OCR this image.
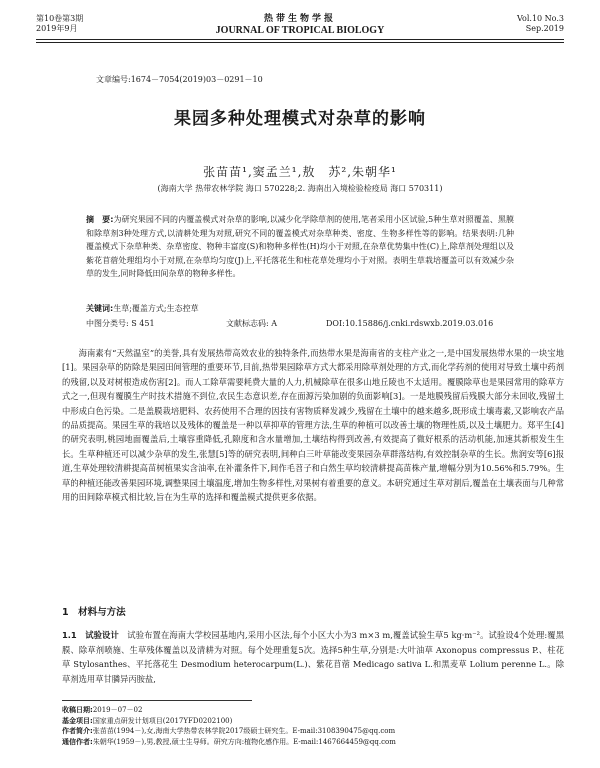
第10卷第3期
2019年9月
热带生物学报
JOURNAL OF TROPICAL BIOLOGY
Vol.10 No.3
Sep.2019
文章编号:1674－7054(2019)03－0291－10
果园多种处理模式对杂草的影响
张苗苗¹,窦孟兰¹,敖　苏²,朱朝华¹
(海南大学 热带农林学院 海口 570228;2. 海南出入境检验检疫局 海口 570311)
摘　要:为研究果园不同的内覆盖模式对杂草的影响,以减少化学除草剂的使用,笔者采用小区试验,5种生草对照覆盖、黑膜和除草剂3种处理方式,以清耕处理为对照,研究不同的覆盖模式对杂草种类、密度、生物多样性等的影响。结果表明:几种覆盖模式下杂草种类、杂草密度、物种丰富度(S)和物种多样性(H)均小于对照,在杂草优势集中性(C)上,除草剂处理组以及紫花苜蓿处理组均小于对照,在杂草均匀度(J)上,平托落花生和柱花草处理均小于对照。表明生草栽培覆盖可以有效减少杂草的发生,同时降低田间杂草的物种多样性。
关键词:生草;覆盖方式;生态控草
中图分类号: S 451	文献标志码: A	DOI:10.15886/j.cnki.rdswxb.2019.03.016
海南素有“天然温室”的美誉,具有发展热带高效农业的独特条件,而热带水果是海南省的支柱产业之一,是中国发展热带水果的一块宝地[1]。果园杂草的防除是果园田间管理的重要环节,目前,热带果园除草方式大都采用除草剂处理的方式,而化学药剂的使用对导致土壤中药剂的残留,以及对树根造成伤害[2]。而人工除草需要耗费大量的人力,机械除草在很多山地丘陵也不太适用。覆膜除草也是果园常用的除草方式之一,但现有覆膜生产时技术措施不到位,农民生态意识差,存在面源污染加剧的负面影响[3]。一是地膜残留后残膜大部分未回收,残留土中形成白色污染。二是盖膜栽培肥料、农药使用不合理的因技有害物质释发减少,残留在土壤中的越来越多,既形成土壤毒素,又影响农产品的品质提高。果园生草的栽培以及残体的覆盖是一种以草抑草的管理方法,生草的种植可以改善土壤的物理性质,以及土壤肥力。郑平生[4]的研究表明,桃园地面覆盖后,土壤容重降低,孔隙度和含水量增加,土壤结构得到改善,有效提高了微好根系的活动机能,加速其新根发生生长。生草种植还可以减少杂草的发生,张慧[5]等的研究表明,间种白三叶草能改变果园杂草群落结构,有效控制杂草的生长。焦润安等[6]报道,生草处理较清耕提高苗树植果实含油率,在补灌条件下,间作毛苕子和白然生草均较清耕提高苗株产量,增幅分别为10.56%和5.79%。生草的种植还能改善果园环境,调整果园土壤温度,增加生物多样性,对果树有着重要的意义。本研究通过生草对割后,覆盖在土壤表面与几种常用的田间除草模式相比较,旨在为生草的选择和覆盖模式提供更多依据。
1　材料与方法
1.1　试验设计　 试验布置在海南大学校园基地内,采用小区法,每个小区大小为3 m×3 m,覆盖试验生草5 kg·m⁻²。试验设4个处理:覆黑膜、除草剂喷施、生草残体覆盖以及清耕为对照。每个处理重复5次。选择5种生草,分别是:大叶油草 Axonopus compressus P.、柱花草 Stylosanthes、平托落花生 Desmodium heterocarpum(L.)、紫花苜蓿 Medicago sativa L.和黑麦草 Lolium perenne L.。除草剂选用草甘膦异丙胺盐,
收稿日期:2019－07－02
基金项目:国家重点研发计划项目(2017YFD0202100)
作者简介:张苗苗(1994－),女,海南大学热带农林学院2017级硕士研究生。E-mail:3108390475@qq.com
通信作者:朱朝华(1959－),男,教授,硕士生导师。研究方向:植物化感作用。E-mail:1467664459@qq.com
